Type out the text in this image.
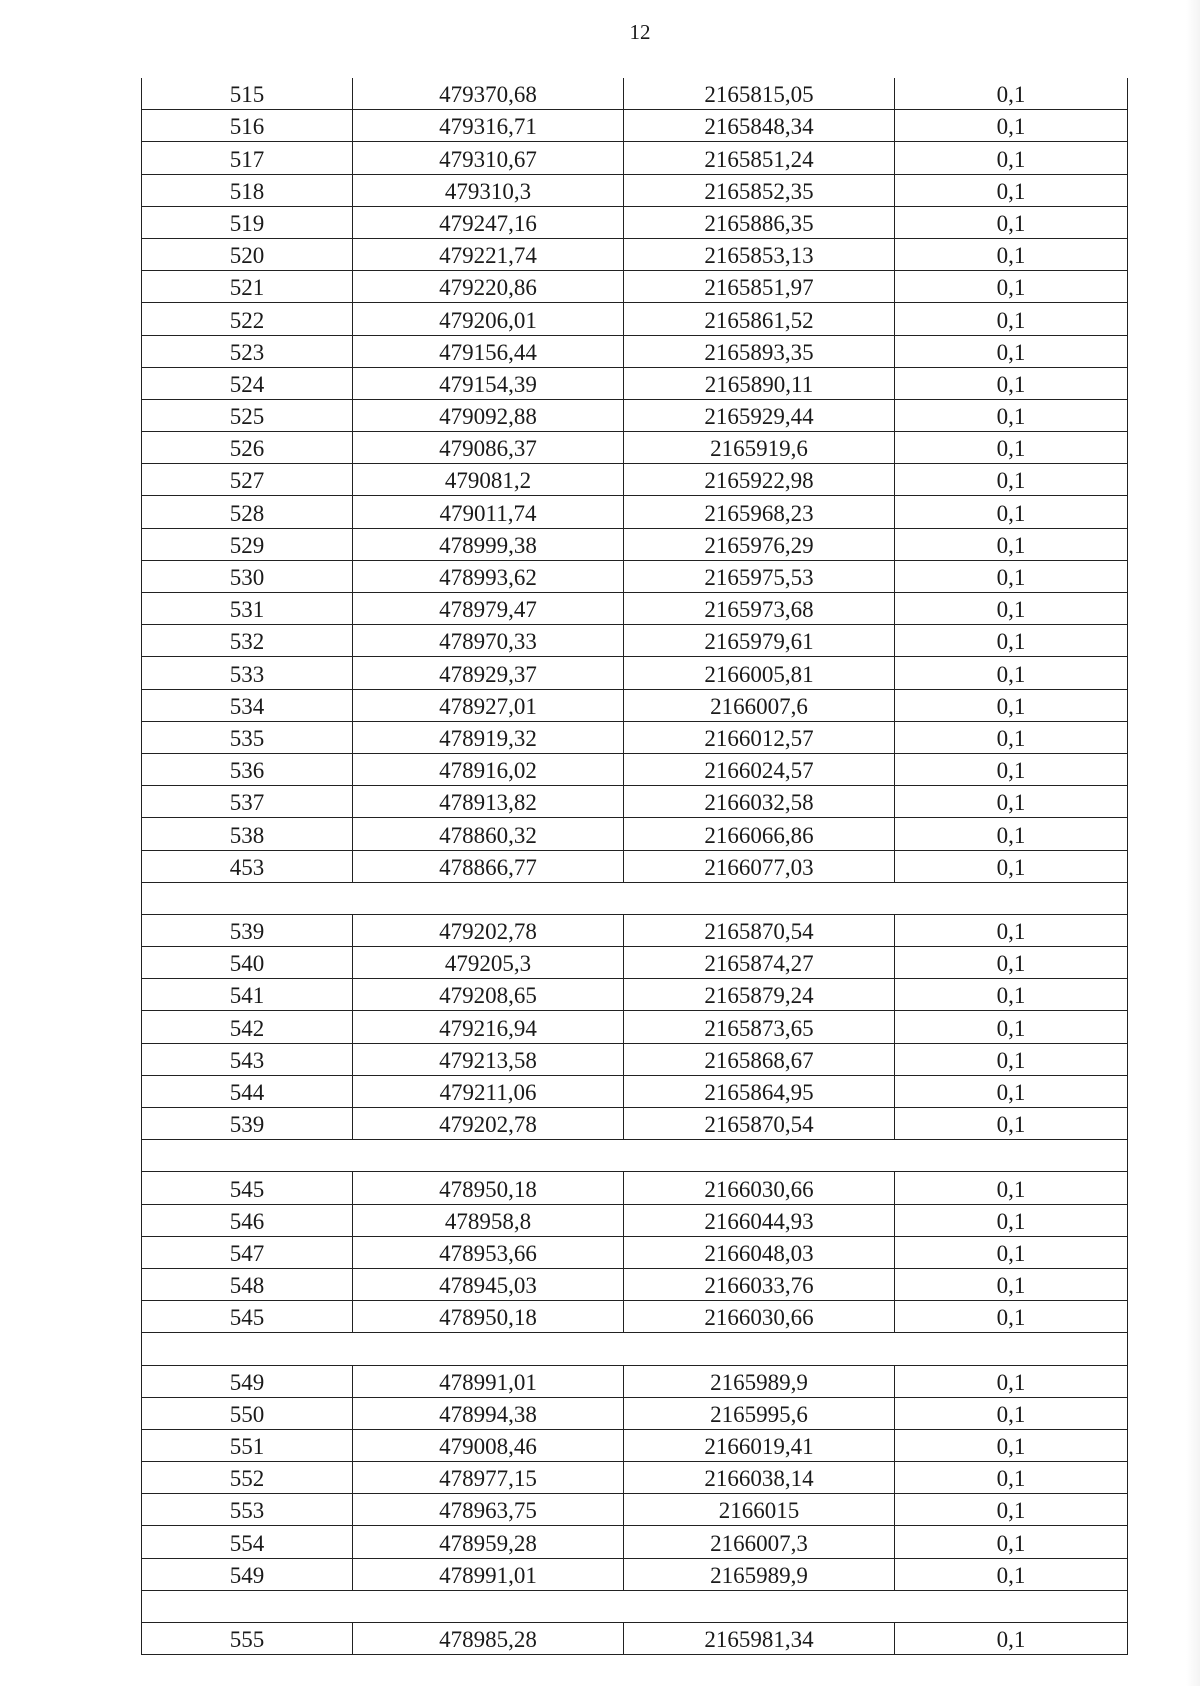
12
515	479370,68	2165815,05	0,1
516	479316,71	2165848,34	0,1
517	479310,67	2165851,24	0,1
518	479310,3	2165852,35	0,1
519	479247,16	2165886,35	0,1
520	479221,74	2165853,13	0,1
521	479220,86	2165851,97	0,1
522	479206,01	2165861,52	0,1
523	479156,44	2165893,35	0,1
524	479154,39	2165890,11	0,1
525	479092,88	2165929,44	0,1
526	479086,37	2165919,6	0,1
527	479081,2	2165922,98	0,1
528	479011,74	2165968,23	0,1
529	478999,38	2165976,29	0,1
530	478993,62	2165975,53	0,1
531	478979,47	2165973,68	0,1
532	478970,33	2165979,61	0,1
533	478929,37	2166005,81	0,1
534	478927,01	2166007,6	0,1
535	478919,32	2166012,57	0,1
536	478916,02	2166024,57	0,1
537	478913,82	2166032,58	0,1
538	478860,32	2166066,86	0,1
453	478866,77	2166077,03	0,1

539	479202,78	2165870,54	0,1
540	479205,3	2165874,27	0,1
541	479208,65	2165879,24	0,1
542	479216,94	2165873,65	0,1
543	479213,58	2165868,67	0,1
544	479211,06	2165864,95	0,1
539	479202,78	2165870,54	0,1

545	478950,18	2166030,66	0,1
546	478958,8	2166044,93	0,1
547	478953,66	2166048,03	0,1
548	478945,03	2166033,76	0,1
545	478950,18	2166030,66	0,1

549	478991,01	2165989,9	0,1
550	478994,38	2165995,6	0,1
551	479008,46	2166019,41	0,1
552	478977,15	2166038,14	0,1
553	478963,75	2166015	0,1
554	478959,28	2166007,3	0,1
549	478991,01	2165989,9	0,1

555	478985,28	2165981,34	0,1
